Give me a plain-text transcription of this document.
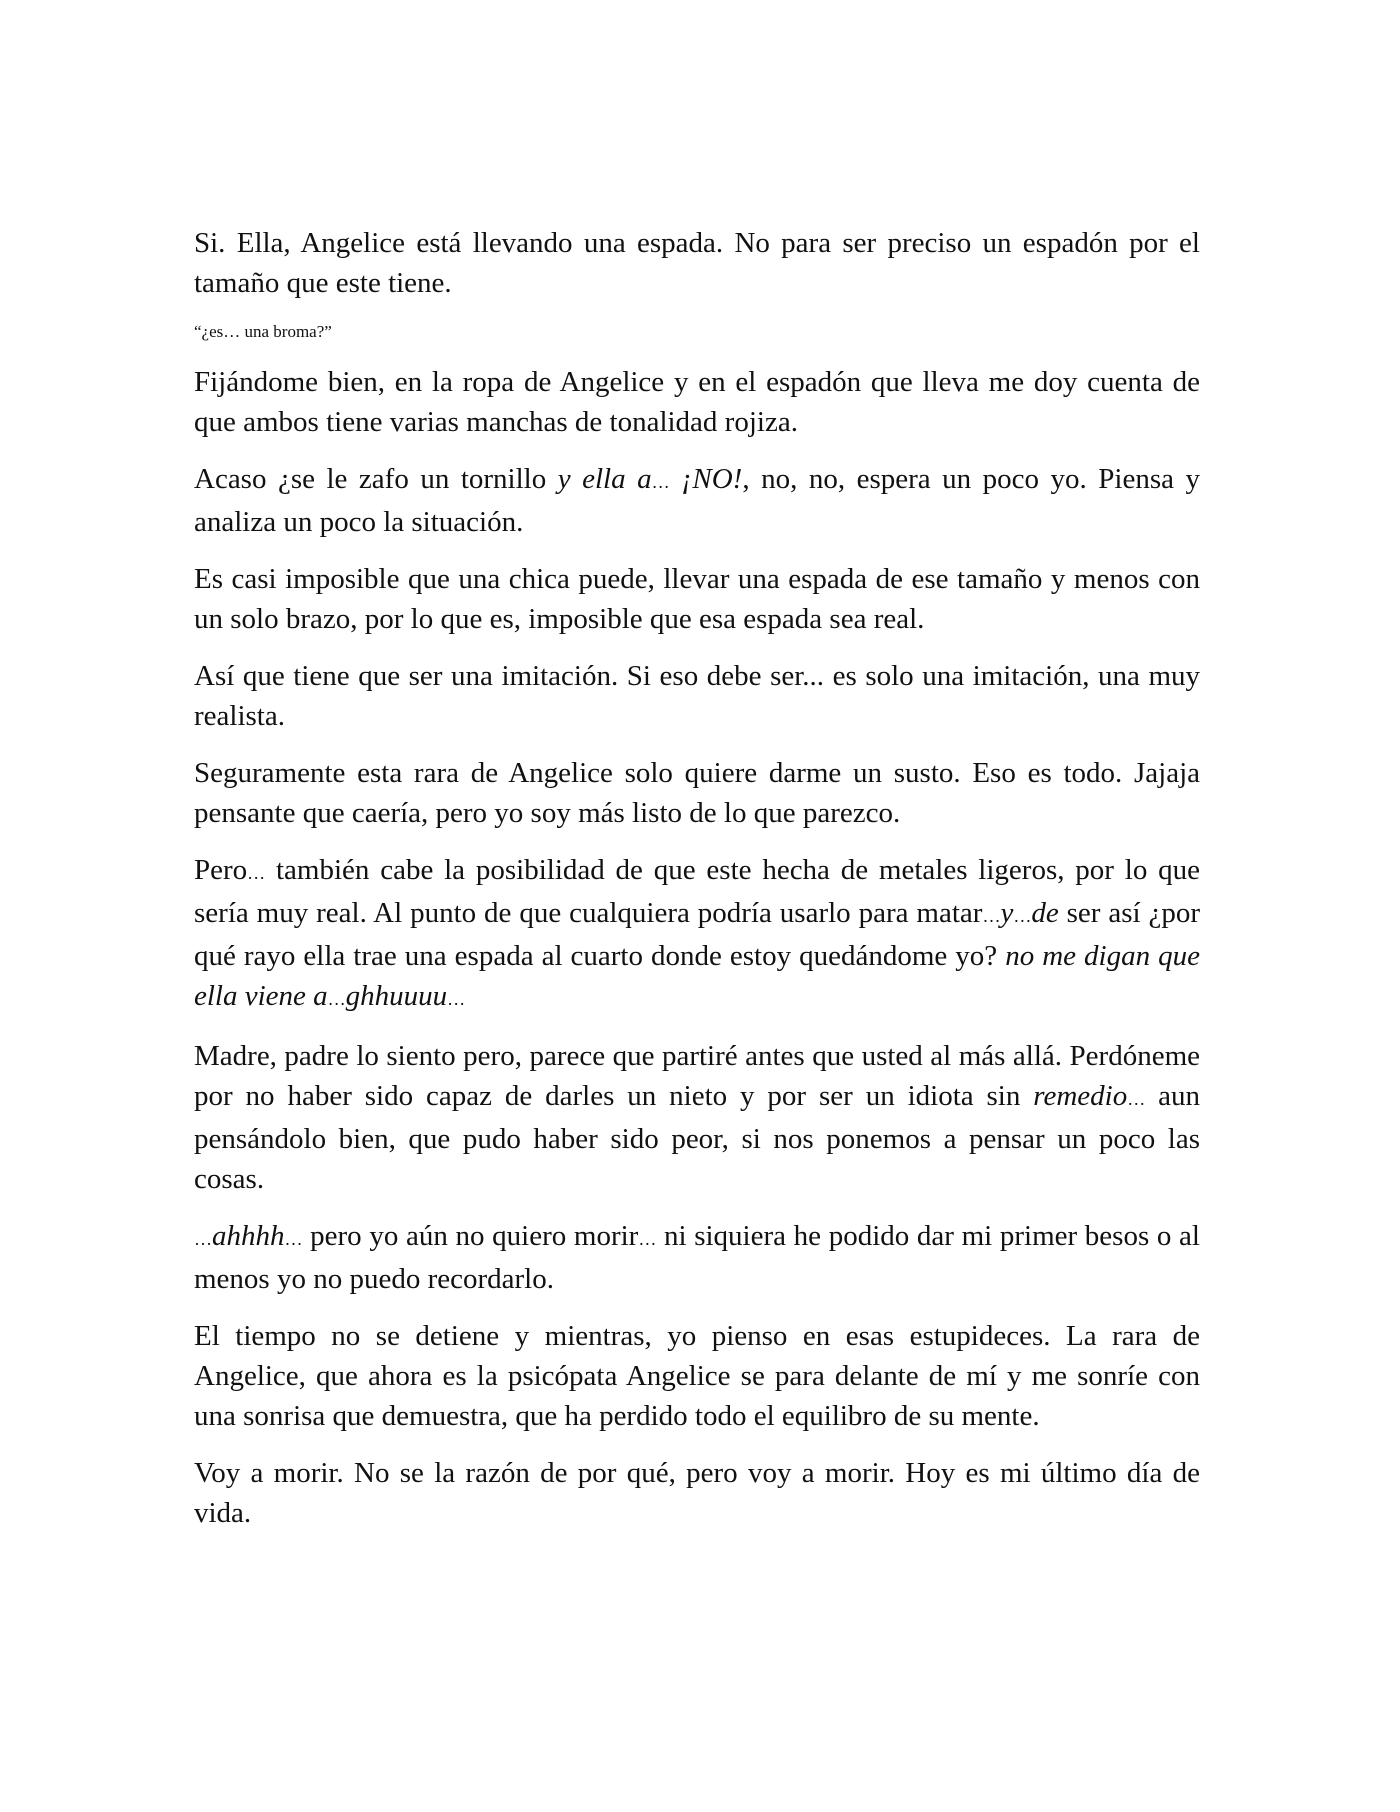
Si. Ella, Angelice está llevando una espada. No para ser preciso un espadón por el tamaño que este tiene.

“¿es… una broma?”

Fijándome bien, en la ropa de Angelice y en el espadón que lleva me doy cuenta de que ambos tiene varias manchas de tonalidad rojiza.

Acaso ¿se le zafo un tornillo y ella a… ¡NO!, no, no, espera un poco yo. Piensa y analiza un poco la situación.

Es casi imposible que una chica puede, llevar una espada de ese tamaño y menos con un solo brazo, por lo que es, imposible que esa espada sea real.

Así que tiene que ser una imitación. Si eso debe ser... es solo una imitación, una muy realista.

Seguramente esta rara de Angelice solo quiere darme un susto. Eso es todo. Jajaja pensante que caería, pero yo soy más listo de lo que parezco.

Pero… también cabe la posibilidad de que este hecha de metales ligeros, por lo que sería muy real. Al punto de que cualquiera podría usarlo para matar…y…de ser así ¿por qué rayo ella trae una espada al cuarto donde estoy quedándome yo? no me digan que ella viene a…ghhuuuu…

Madre, padre lo siento pero, parece que partiré antes que usted al más allá. Perdóneme por no haber sido capaz de darles un nieto y por ser un idiota sin remedio… aun pensándolo bien, que pudo haber sido peor, si nos ponemos a pensar un poco las cosas.

…ahhhh… pero yo aún no quiero morir… ni siquiera he podido dar mi primer besos o al menos yo no puedo recordarlo.

El tiempo no se detiene y mientras, yo pienso en esas estupideces. La rara de Angelice, que ahora es la psicópata Angelice se para delante de mí y me sonríe con una sonrisa que demuestra, que ha perdido todo el equilibro de su mente.

Voy a morir. No se la razón de por qué, pero voy a morir. Hoy es mi último día de vida.
